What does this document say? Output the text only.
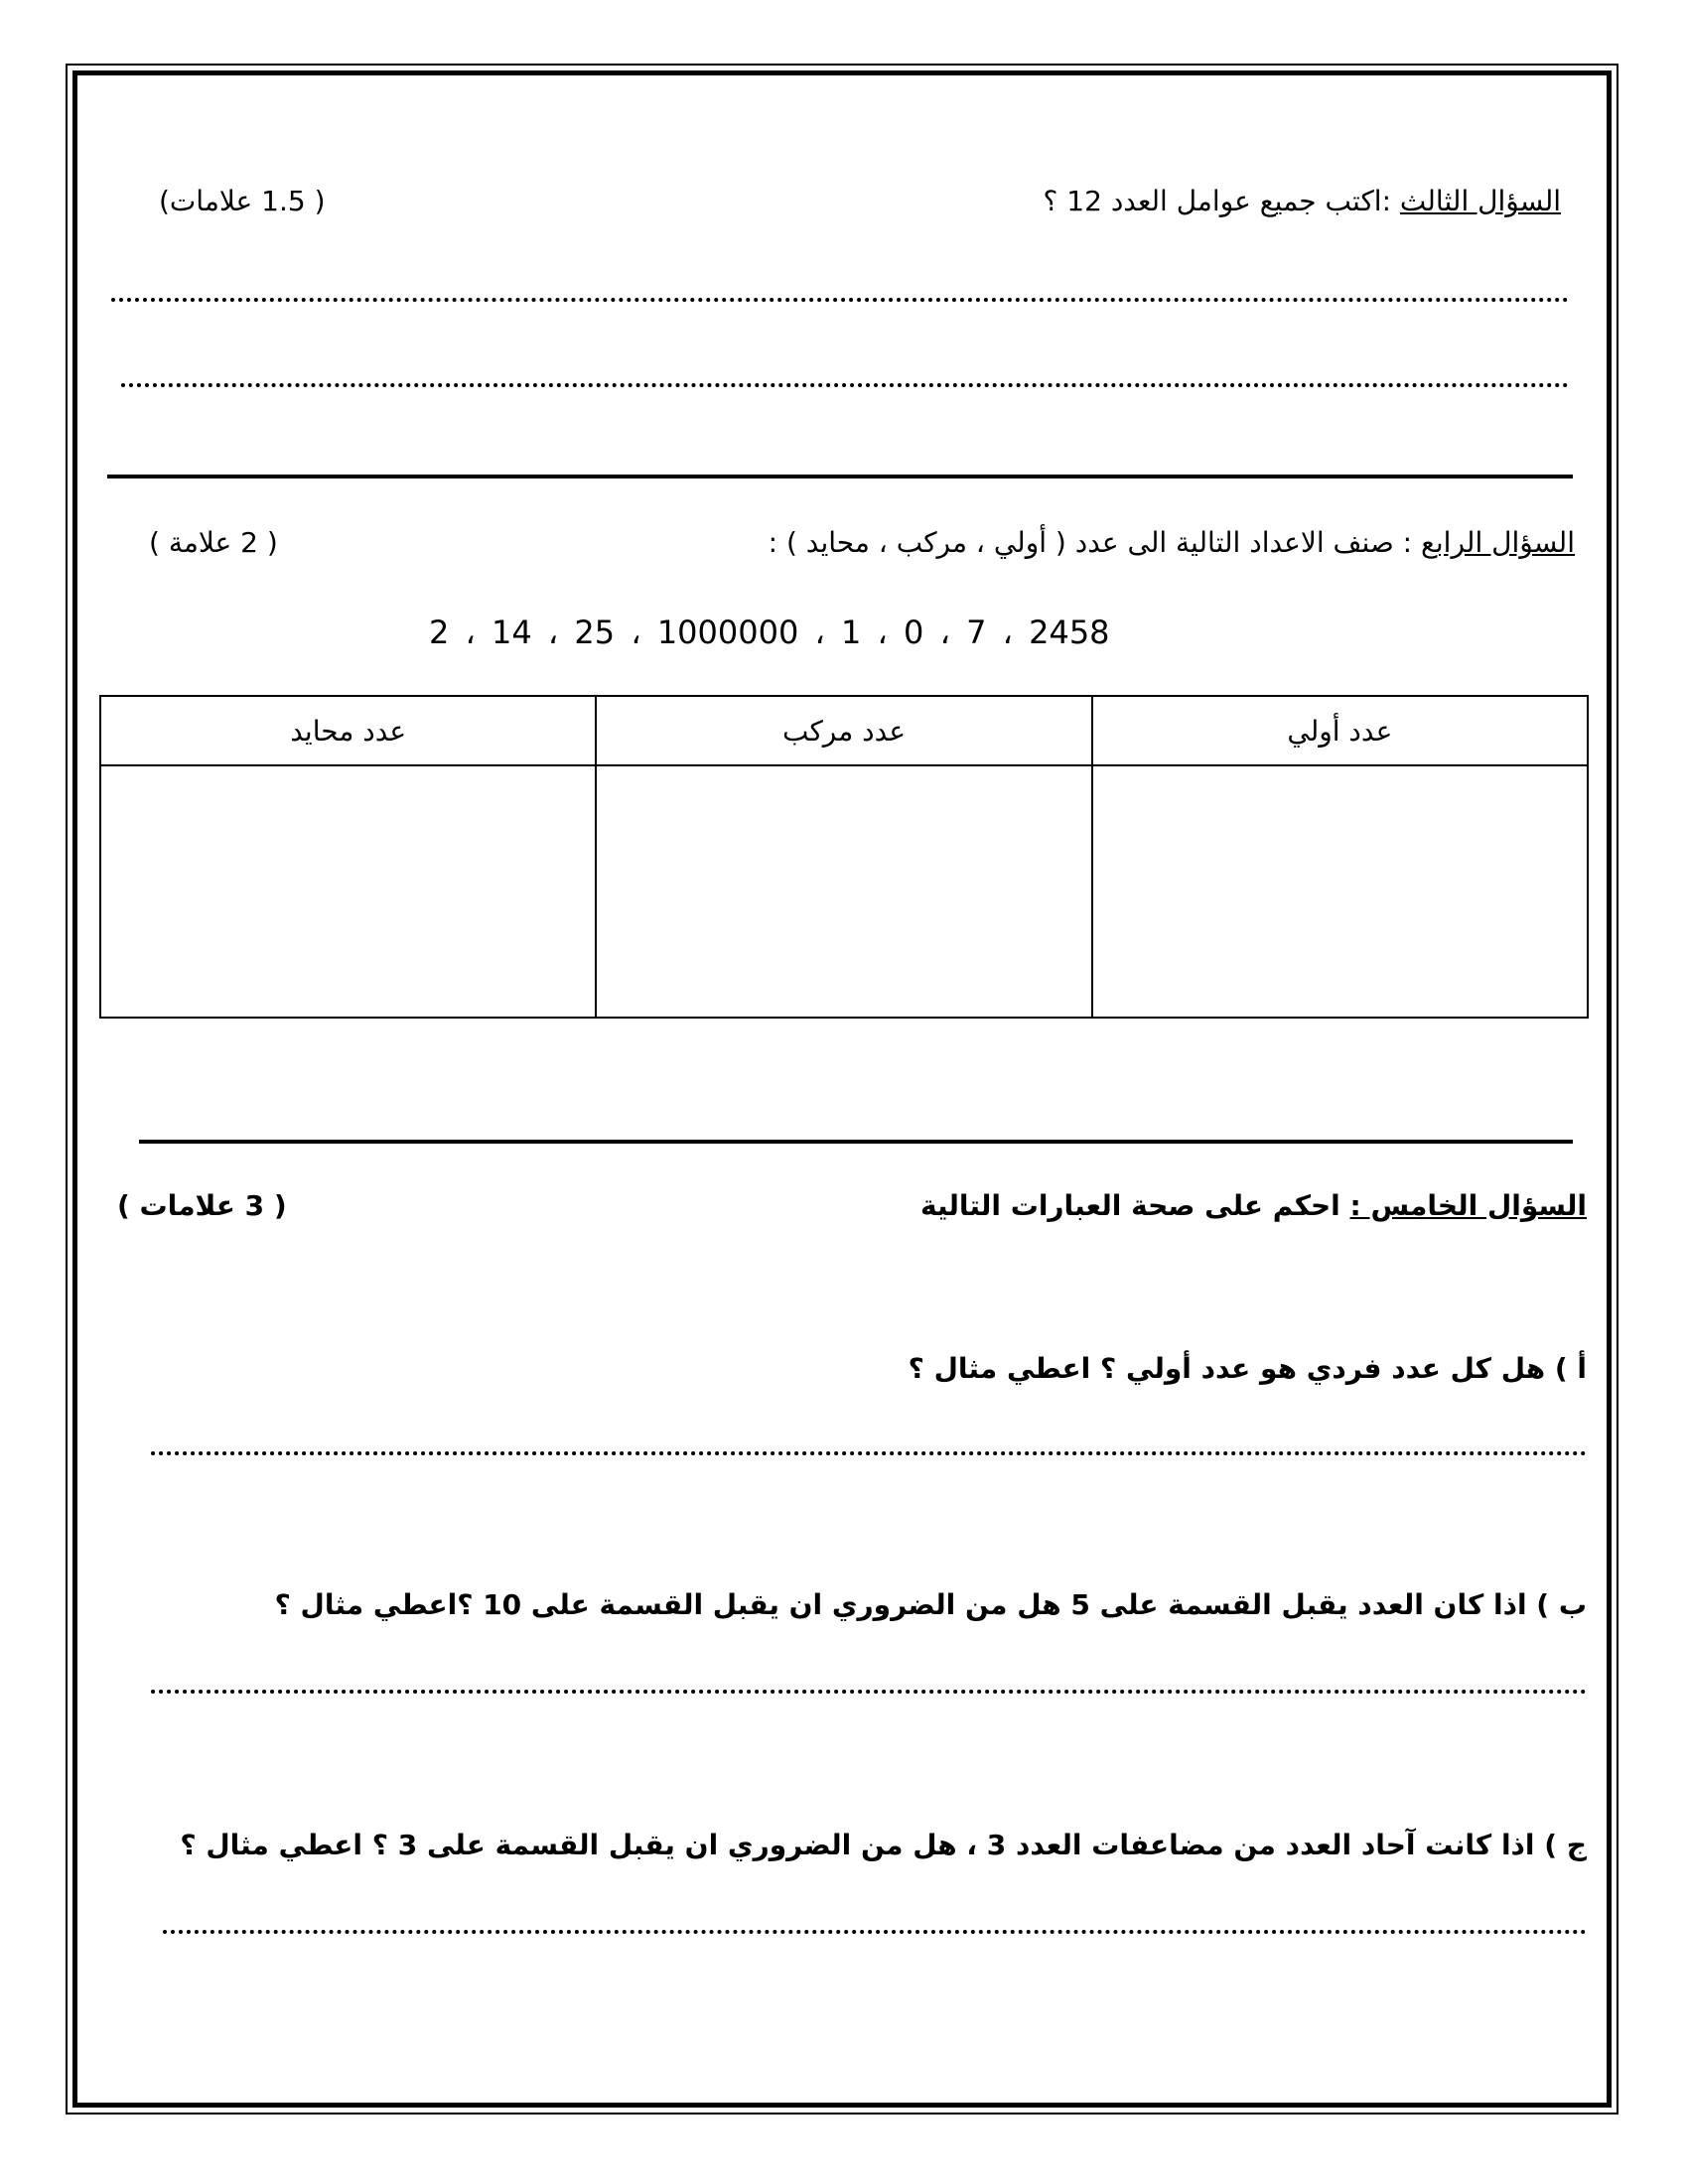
السؤال الثالث :اكتب جميع عوامل العدد 12 ؟
( 1.5 علامات)
السؤال الرابع : صنف الاعداد التالية الى عدد ( أولي ، مركب ، محايد ) :
( 2 علامة )
2 ، 14 ، 25 ، 1000000 ، 1 ، 0 ، 7 ، 2458
عدد أولي	عدد مركب	عدد محايد

السؤال الخامس : احكم على صحة العبارات التالية
( 3 علامات )
أ ) هل كل عدد فردي هو عدد أولي ؟ اعطي مثال ؟
ب ) اذا كان العدد يقبل القسمة على 5 هل من الضروري ان يقبل القسمة على 10 ؟اعطي مثال ؟
ج ) اذا كانت آحاد العدد من مضاعفات العدد 3 ، هل من الضروري ان يقبل القسمة على 3 ؟ اعطي مثال ؟
